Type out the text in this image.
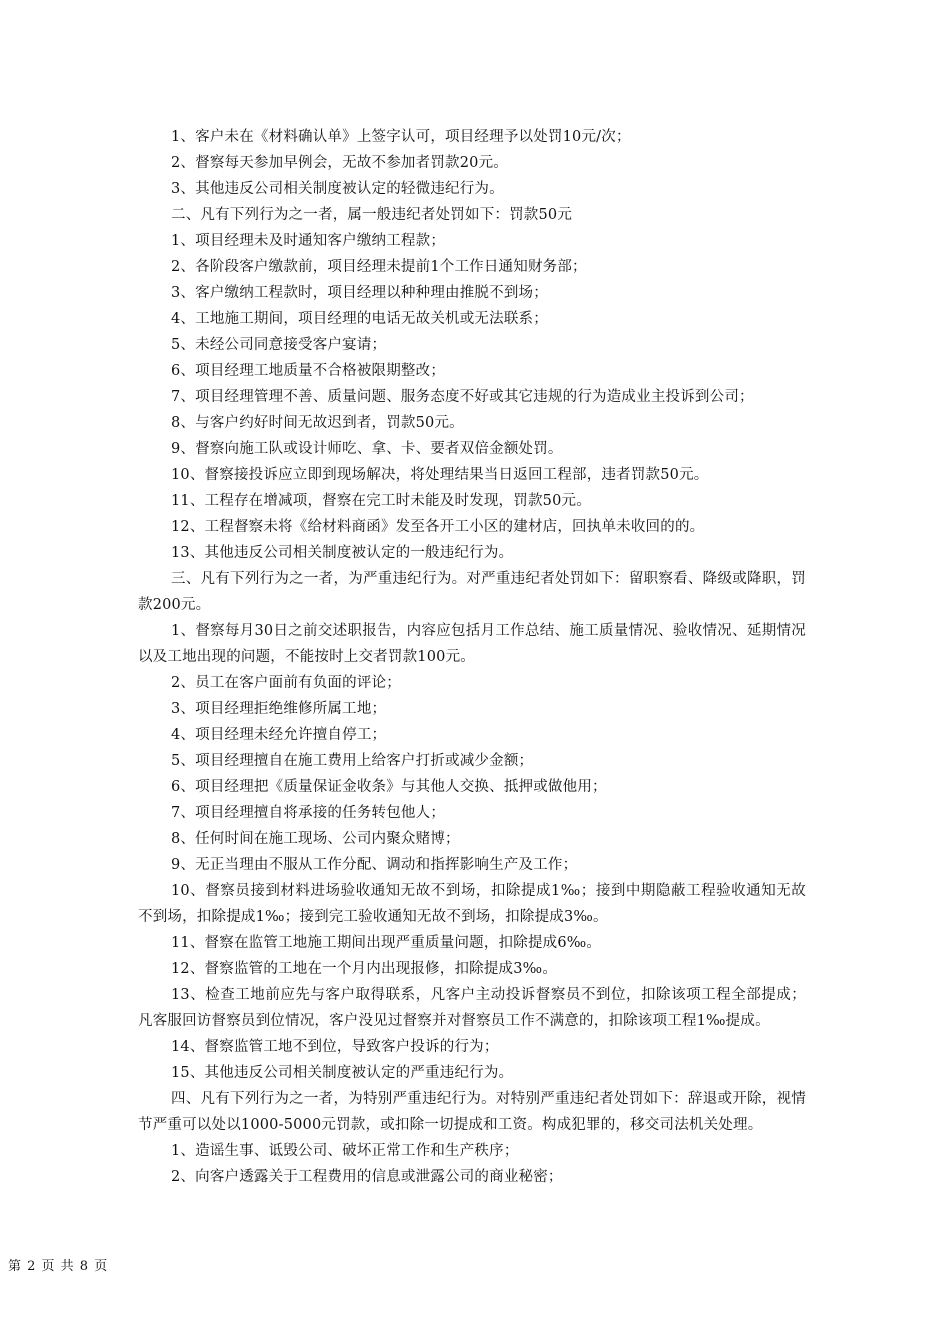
1、客户未在《材料确认单》上签字认可，项目经理予以处罚10元/次；

2、督察每天参加早例会，无故不参加者罚款20元。

3、其他违反公司相关制度被认定的轻微违纪行为。

二、凡有下列行为之一者，属一般违纪者处罚如下：罚款50元

1、项目经理未及时通知客户缴纳工程款；

2、各阶段客户缴款前，项目经理未提前1个工作日通知财务部；

3、客户缴纳工程款时，项目经理以种种理由推脱不到场；

4、工地施工期间，项目经理的电话无故关机或无法联系；

5、未经公司同意接受客户宴请；

6、项目经理工地质量不合格被限期整改；

7、项目经理管理不善、质量问题、服务态度不好或其它违规的行为造成业主投诉到公司；

8、与客户约好时间无故迟到者，罚款50元。

9、督察向施工队或设计师吃、拿、卡、要者双倍金额处罚。

10、督察接投诉应立即到现场解决，将处理结果当日返回工程部，违者罚款50元。

11、工程存在增减项，督察在完工时未能及时发现，罚款50元。

12、工程督察未将《给材料商函》发至各开工小区的建材店，回执单未收回的的。

13、其他违反公司相关制度被认定的一般违纪行为。

三、凡有下列行为之一者，为严重违纪行为。对严重违纪者处罚如下：留职察看、降级或降职，罚款200元。

1、督察每月30日之前交述职报告，内容应包括月工作总结、施工质量情况、验收情况、延期情况以及工地出现的问题，不能按时上交者罚款100元。

2、员工在客户面前有负面的评论；

3、项目经理拒绝维修所属工地；

4、项目经理未经允许擅自停工；

5、项目经理擅自在施工费用上给客户打折或减少金额；

6、项目经理把《质量保证金收条》与其他人交换、抵押或做他用；

7、项目经理擅自将承接的任务转包他人；

8、任何时间在施工现场、公司内聚众赌博；

9、无正当理由不服从工作分配、调动和指挥影响生产及工作；

10、督察员接到材料进场验收通知无故不到场，扣除提成1‰；接到中期隐蔽工程验收通知无故不到场，扣除提成1‰；接到完工验收通知无故不到场，扣除提成3‰。

11、督察在监管工地施工期间出现严重质量问题，扣除提成6‰。

12、督察监管的工地在一个月内出现报修，扣除提成3‰。

13、检查工地前应先与客户取得联系，凡客户主动投诉督察员不到位，扣除该项工程全部提成；凡客服回访督察员到位情况，客户没见过督察并对督察员工作不满意的，扣除该项工程1‰提成。

14、督察监管工地不到位，导致客户投诉的行为；

15、其他违反公司相关制度被认定的严重违纪行为。

四、凡有下列行为之一者，为特别严重违纪行为。对特别严重违纪者处罚如下：辞退或开除，视情节严重可以处以1000-5000元罚款，或扣除一切提成和工资。构成犯罪的，移交司法机关处理。

1、造谣生事、诋毁公司、破坏正常工作和生产秩序；

2、向客户透露关于工程费用的信息或泄露公司的商业秘密；

第 2 页 共 8 页
